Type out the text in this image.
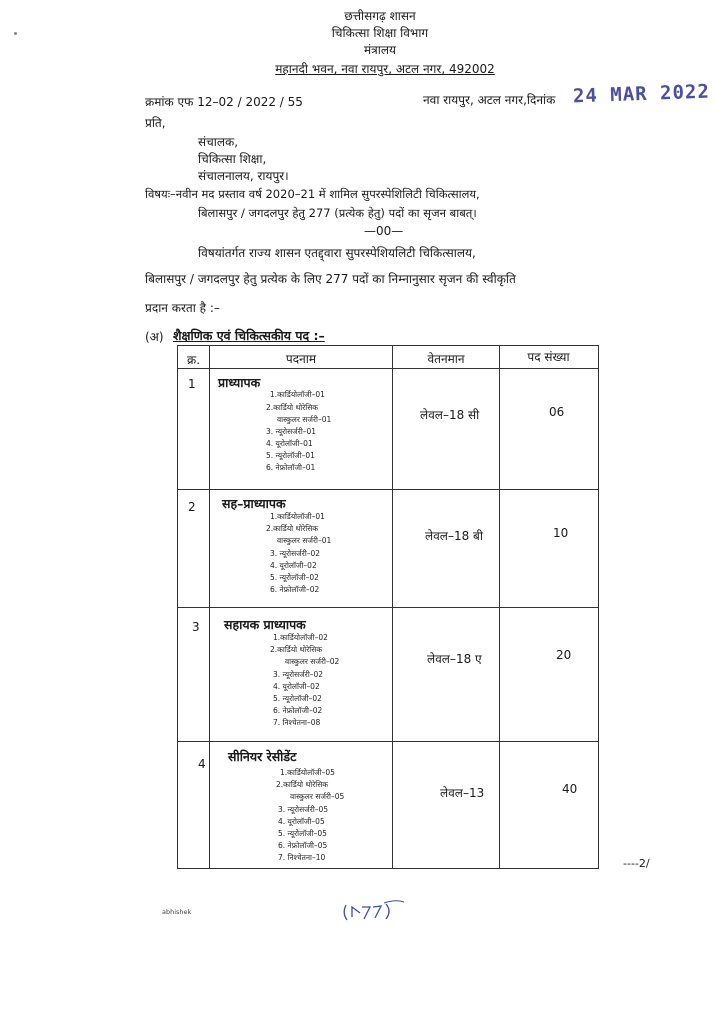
छत्तीसगढ़ शासन
चिकित्सा शिक्षा विभाग
मंत्रालय
महानदी भवन, नवा रायपुर, अटल नगर, 492002
क्रमांक एफ 12–02 / 2022 / 55	नवा रायपुर, अटल नगर,दिनांक 24 MAR 2022
प्रति,
संचालक,
चिकित्सा शिक्षा,
संचालनालय, रायपुर।
विषयः–नवीन मद प्रस्ताव वर्ष 2020–21 में शामिल सुपरस्पेशिलिटी चिकित्सालय,
बिलासपुर / जगदलपुर हेतु 277 (प्रत्येक हेतु) पदों का सृजन बाबत्।
—00—
विषयांतर्गत राज्य शासन एतद्द्वारा सुपरस्पेशियलिटी चिकित्सालय,
बिलासपुर / जगदलपुर हेतु प्रत्येक के लिए 277 पदों का निम्नानुसार सृजन की स्वीकृति
प्रदान करता है :–
(अ) शैक्षणिक एवं चिकित्सकीय पद :–
क्र.	पदनाम	वेतनमान	पद संख्या
1 प्राध्यापक
1.कार्डियोलॉजी–01
2.कार्डियो थोरेसिक
वास्कुलर सर्जरी–01
3. न्यूरोसर्जरी–01
4. यूरोलॉजी–01
5. न्यूरोलॉजी–01
6. नेफ्रोलॉजी–01
लेवल–18 सी	06
2 सह–प्राध्यापक
1.कार्डियोलॉजी–01
2.कार्डियो थोरेसिक
वास्कुलर सर्जरी–01
3. न्यूरोसर्जरी–02
4. यूरोलॉजी–02
5. न्यूरोलॉजी–02
6. नेफ्रोलॉजी–02
लेवल–18 बी	10
3 सहायक प्राध्यापक
1.कार्डियोलॉजी–02
2.कार्डियो थोरेसिक
वास्कुलर सर्जरी–02
3. न्यूरोसर्जरी–02
4. यूरोलॉजी–02
5. न्यूरोलॉजी–02
6. नेफ्रोलॉजी–02
7. निश्चेतना–08
लेवल–18 ए	20
4 सीनियर रेसीडेंट
1.कार्डियोलॉजी–05
2.कार्डियो थोरेसिक
वास्कुलर सर्जरी–05
3. न्यूरोसर्जरी–05
4. यूरोलॉजी–05
5. न्यूरोलॉजी–05
6. नेफ्रोलॉजी–05
7. निश्चेतना–10
लेवल–13	40
----2/
abhishek
